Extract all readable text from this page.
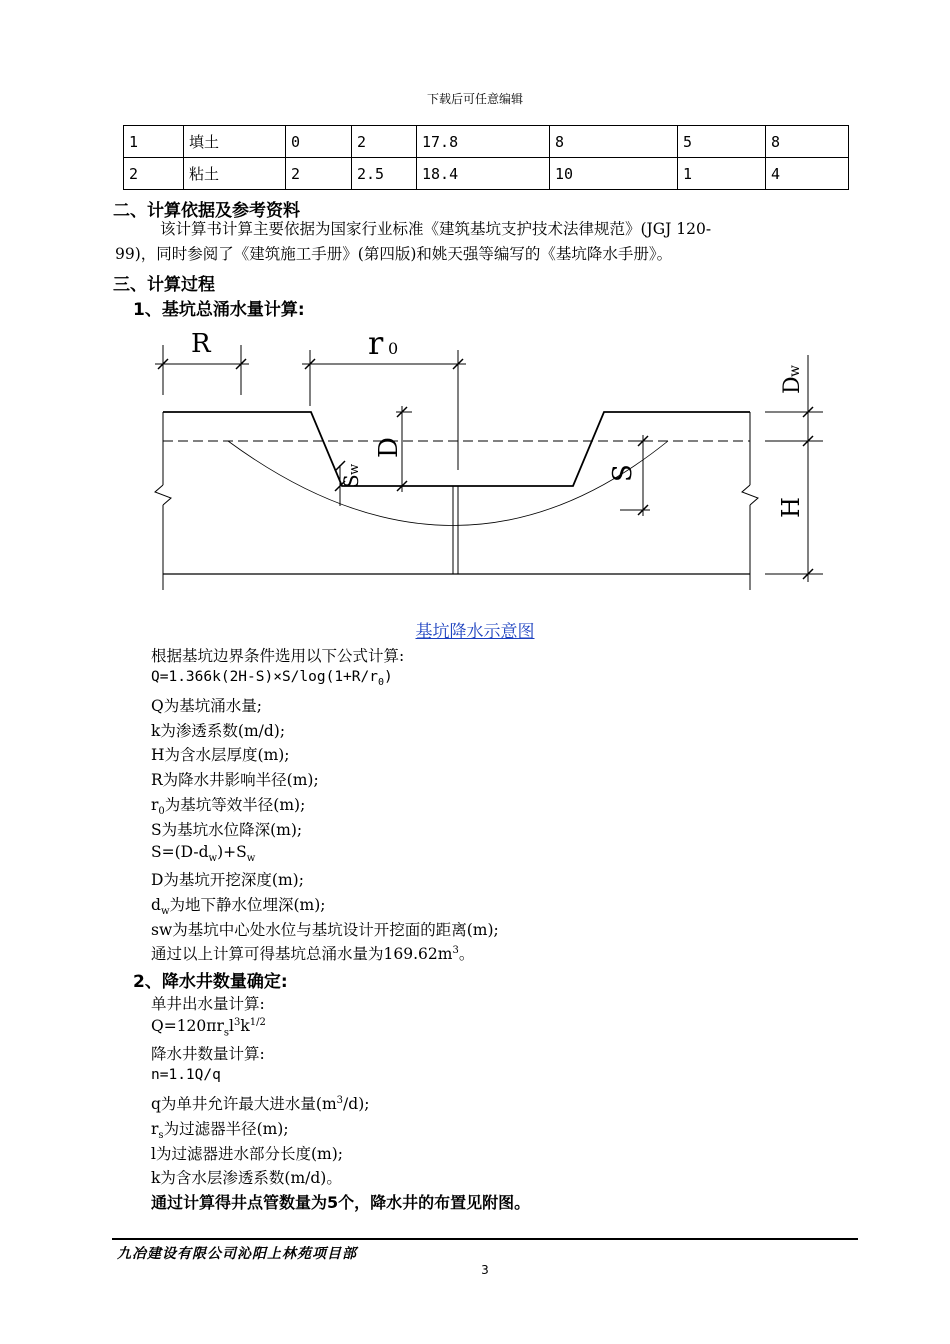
下载后可任意编辑
1	填土	0	2	17.8	8	5	8
2	粘土	2	2.5	18.4	10	1	4
二、计算依据及参考资料
该计算书计算主要依据为国家行业标准《建筑基坑支护技术法律规范》(JGJ 120-
99)，同时参阅了《建筑施工手册》(第四版)和姚天强等编写的《基坑降水手册》。
三、计算过程
1、基坑总涌水量计算:
R	r 0
D
S
w	S
D
w
H
基坑降水示意图
根据基坑边界条件选用以下公式计算:
$Q=1.366k(2H-S)\times S/\log(1+R/r_0)$
Q为基坑涌水量;
k为渗透系数(m/d);
H为含水层厚度(m);
R为降水井影响半径(m);
$r_0$为基坑等效半径(m);
S为基坑水位降深(m);
$S=(D-d_w)+S_w$
D为基坑开挖深度(m);
$d_w$为地下静水位埋深(m);
sw为基坑中心处水位与基坑设计开挖面的距离(m);
通过以上计算可得基坑总涌水量为$169.62m^3$。
2、降水井数量确定:
单井出水量计算:
$Q=120\pi r_sl^3k^{1/2}$
降水井数量计算:
n=1.1Q/q
q为单井允许最大进水量$(m^3/d)$;
$r_s$为过滤器半径(m);
l为过滤器进水部分长度(m);
k为含水层渗透系数(m/d)。
通过计算得井点管数量为5个，降水井的布置见附图。
九冶建设有限公司沁阳上林苑项目部
3
